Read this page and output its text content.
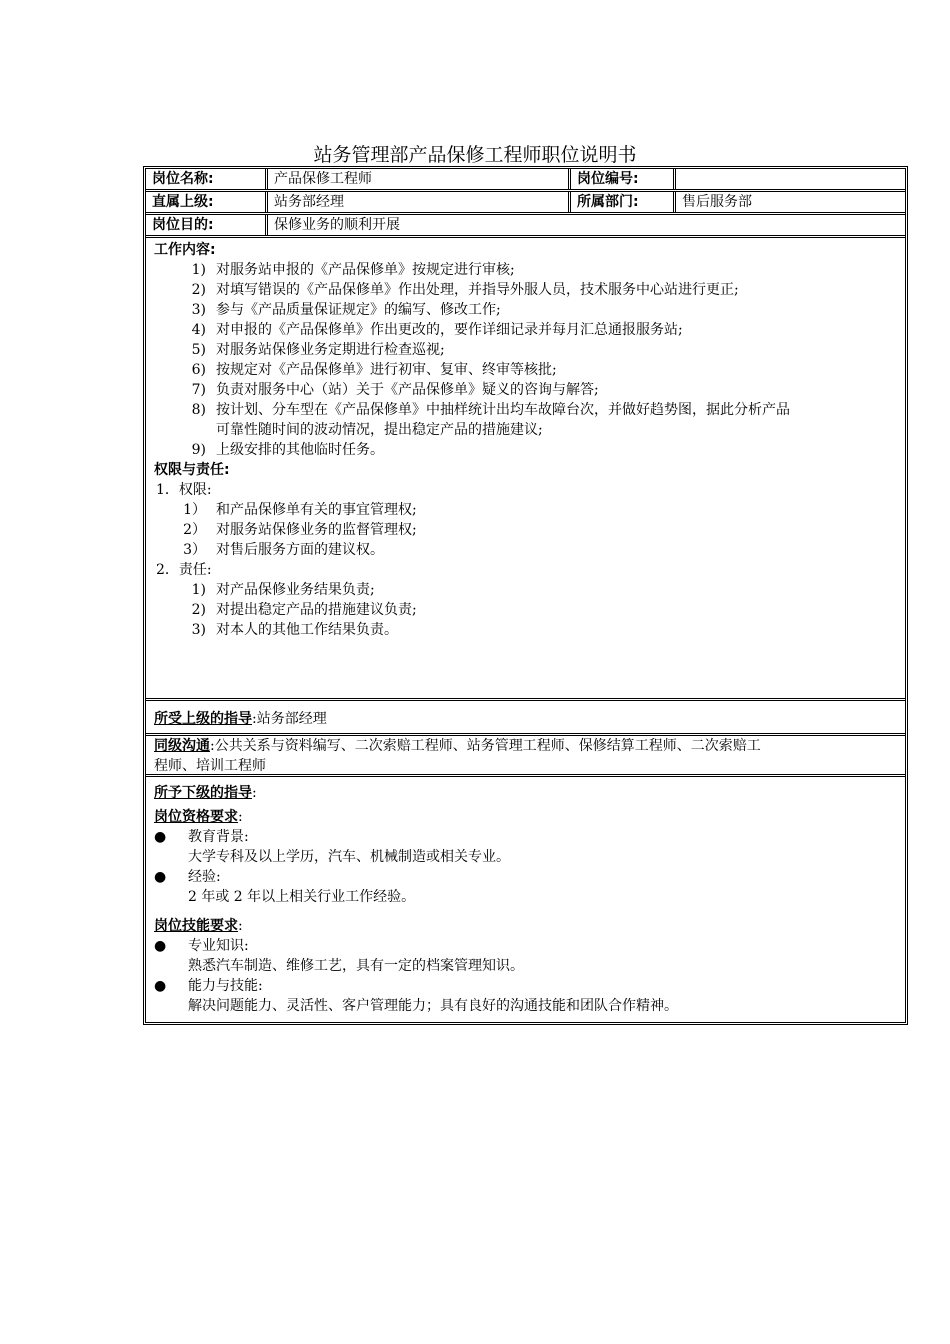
站务管理部产品保修工程师职位说明书
岗位名称:	产品保修工程师	岗位编号:
直属上级:	站务部经理	所属部门:	售后服务部
岗位目的:	保修业务的顺利开展
工作内容:
1) 对服务站申报的《产品保修单》按规定进行审核;
2) 对填写错误的《产品保修单》作出处理，并指导外服人员，技术服务中心站进行更正;
3) 参与《产品质量保证规定》的编写、修改工作;
4) 对申报的《产品保修单》作出更改的，要作详细记录并每月汇总通报服务站;
5) 对服务站保修业务定期进行检查巡视;
6) 按规定对《产品保修单》进行初审、复审、终审等核批;
7) 负责对服务中心（站）关于《产品保修单》疑义的咨询与解答;
8) 按计划、分车型在《产品保修单》中抽样统计出均车故障台次，并做好趋势图，据此分析产品
可靠性随时间的波动情况，提出稳定产品的措施建议;
9) 上级安排的其他临时任务。
权限与责任:
1．权限:
1） 和产品保修单有关的事宜管理权;
2） 对服务站保修业务的监督管理权;
3） 对售后服务方面的建议权。
2．责任:
1) 对产品保修业务结果负责;
2) 对提出稳定产品的措施建议负责;
3) 对本人的其他工作结果负责。
所受上级的指导:站务部经理
同级沟通:公共关系与资料编写、二次索赔工程师、站务管理工程师、保修结算工程师、二次索赔工
程师、培训工程师
所予下级的指导:
岗位资格要求:
● 教育背景:
大学专科及以上学历，汽车、机械制造或相关专业。
● 经验:
2 年或 2 年以上相关行业工作经验。
岗位技能要求:
● 专业知识:
熟悉汽车制造、维修工艺，具有一定的档案管理知识。
● 能力与技能:
解决问题能力、灵活性、客户管理能力；具有良好的沟通技能和团队合作精神。
